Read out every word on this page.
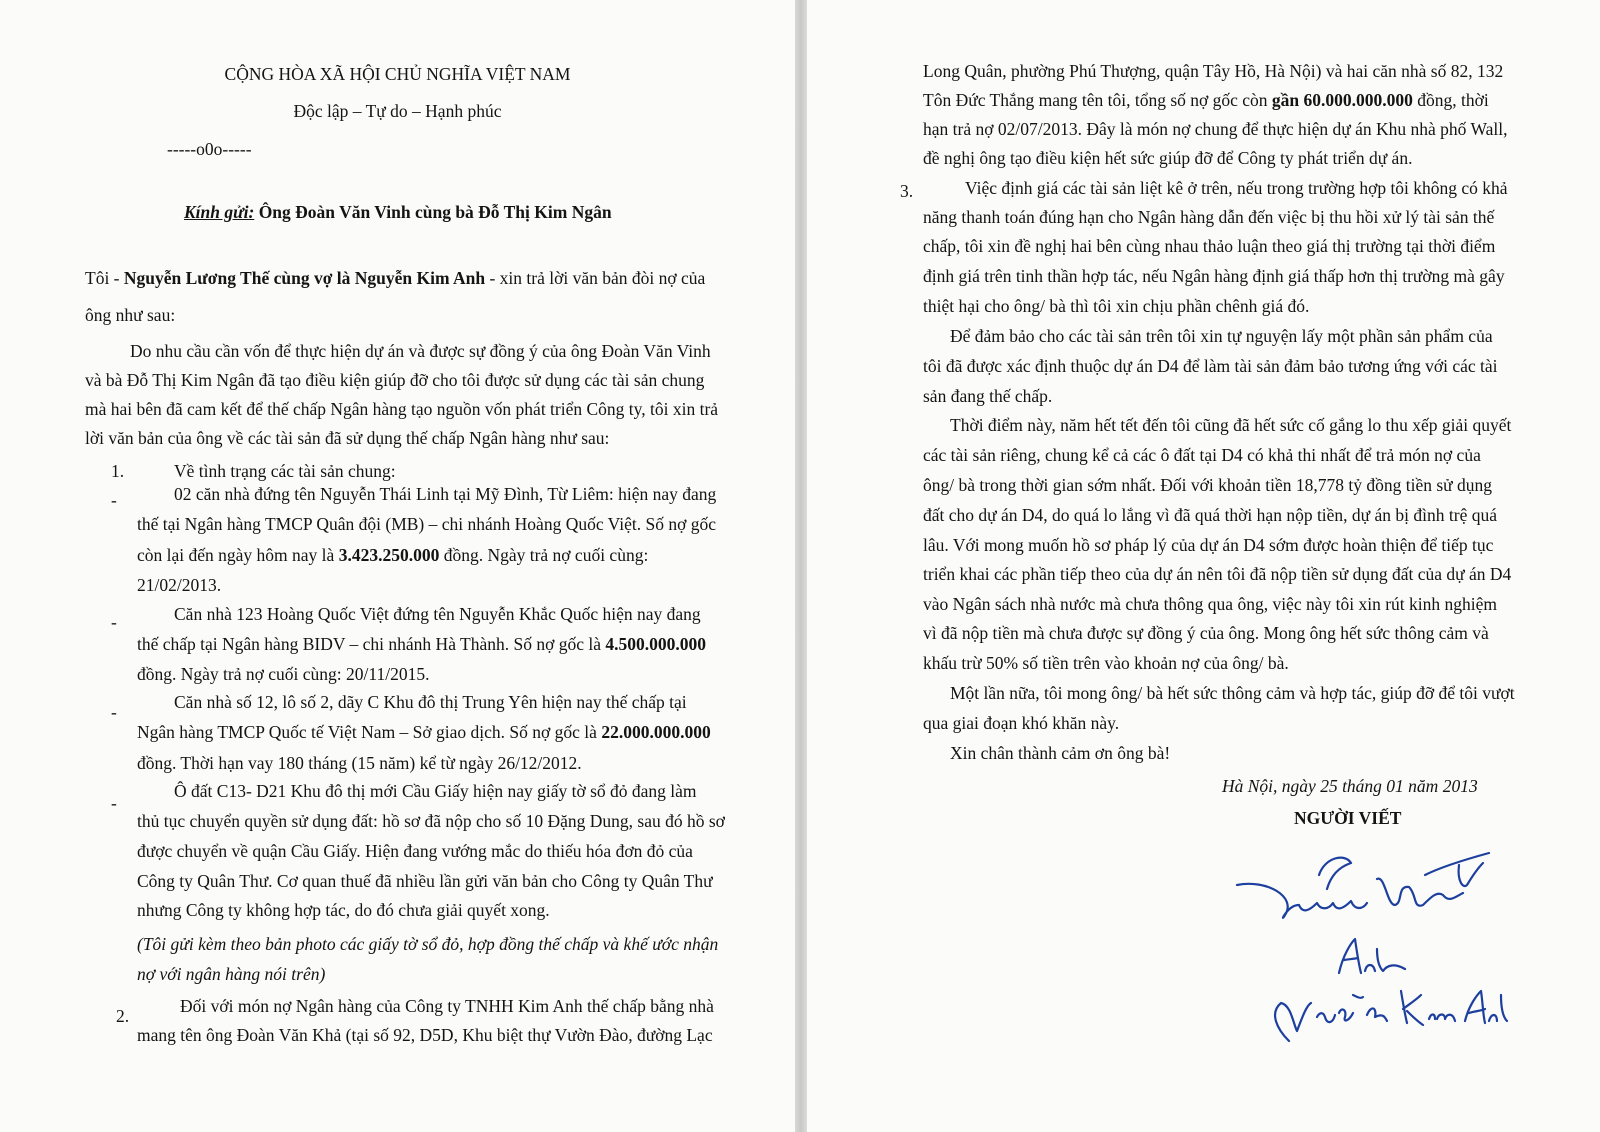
CỘNG HÒA XÃ HỘI CHỦ NGHĨA VIỆT NAM
Độc lập – Tự do – Hạnh phúc
-----o0o-----
Kính gửi: Ông Đoàn Văn Vinh cùng bà Đỗ Thị Kim Ngân
Tôi - Nguyễn Lương Thế cùng vợ là Nguyễn Kim Anh - xin trả lời văn bản đòi nợ của
ông như sau:
Do nhu cầu cần vốn để thực hiện dự án và được sự đồng ý của ông Đoàn Văn Vinh
và bà Đỗ Thị Kim Ngân đã tạo điều kiện giúp đỡ cho tôi được sử dụng các tài sản chung
mà hai bên đã cam kết để thế chấp Ngân hàng tạo nguồn vốn phát triển Công ty, tôi xin trả
lời văn bản của ông về các tài sản đã sử dụng thế chấp Ngân hàng như sau:
1.	Về tình trạng các tài sản chung:
-	02 căn nhà đứng tên Nguyễn Thái Linh tại Mỹ Đình, Từ Liêm: hiện nay đang
thế tại Ngân hàng TMCP Quân đội (MB) – chi nhánh Hoàng Quốc Việt. Số nợ gốc
còn lại đến ngày hôm nay là 3.423.250.000 đồng. Ngày trả nợ cuối cùng:
21/02/2013.
-	Căn nhà 123 Hoàng Quốc Việt đứng tên Nguyễn Khắc Quốc hiện nay đang
thế chấp tại Ngân hàng BIDV – chi nhánh Hà Thành. Số nợ gốc là 4.500.000.000
đồng. Ngày trả nợ cuối cùng: 20/11/2015.
-	Căn nhà số 12, lô số 2, dãy C Khu đô thị Trung Yên hiện nay thế chấp tại
Ngân hàng TMCP Quốc tế Việt Nam – Sở giao dịch. Số nợ gốc là 22.000.000.000
đồng. Thời hạn vay 180 tháng (15 năm) kể từ ngày 26/12/2012.
-
Ô đất C13- D21 Khu đô thị mới Cầu Giấy hiện nay giấy tờ sổ đỏ đang làm
thủ tục chuyển quyền sử dụng đất: hồ sơ đã nộp cho số 10 Đặng Dung, sau đó hồ sơ
được chuyển về quận Cầu Giấy. Hiện đang vướng mắc do thiếu hóa đơn đỏ của
Công ty Quân Thư. Cơ quan thuế đã nhiều lần gửi văn bản cho Công ty Quân Thư
nhưng Công ty không hợp tác, do đó chưa giải quyết xong.
(Tôi gửi kèm theo bản photo các giấy tờ sổ đỏ, hợp đồng thế chấp và khế ước nhận
nợ với ngân hàng nói trên)
2.	Đối với món nợ Ngân hàng của Công ty TNHH Kim Anh thế chấp bằng nhà
mang tên ông Đoàn Văn Khả (tại số 92, D5D, Khu biệt thự Vườn Đào, đường Lạc
Long Quân, phường Phú Thượng, quận Tây Hồ, Hà Nội) và hai căn nhà số 82, 132
Tôn Đức Thắng mang tên tôi, tổng số nợ gốc còn gần 60.000.000.000 đồng, thời
hạn trả nợ 02/07/2013. Đây là món nợ chung để thực hiện dự án Khu nhà phố Wall,
đề nghị ông tạo điều kiện hết sức giúp đỡ để Công ty phát triển dự án.
3.	Việc định giá các tài sản liệt kê ở trên, nếu trong trường hợp tôi không có khả
năng thanh toán đúng hạn cho Ngân hàng dẫn đến việc bị thu hồi xử lý tài sản thế
chấp, tôi xin đề nghị hai bên cùng nhau thảo luận theo giá thị trường tại thời điểm
định giá trên tinh thần hợp tác, nếu Ngân hàng định giá thấp hơn thị trường mà gây
thiệt hại cho ông/ bà thì tôi xin chịu phần chênh giá đó.
Để đảm bảo cho các tài sản trên tôi xin tự nguyện lấy một phần sản phẩm của
tôi đã được xác định thuộc dự án D4 để làm tài sản đảm bảo tương ứng với các tài
sản đang thế chấp.
Thời điểm này, năm hết tết đến tôi cũng đã hết sức cố gắng lo thu xếp giải quyết
các tài sản riêng, chung kể cả các ô đất tại D4 có khả thi nhất để trả món nợ của
ông/ bà trong thời gian sớm nhất. Đối với khoản tiền 18,778 tỷ đồng tiền sử dụng
đất cho dự án D4, do quá lo lắng vì đã quá thời hạn nộp tiền, dự án bị đình trệ quá
lâu. Với mong muốn hồ sơ pháp lý của dự án D4 sớm được hoàn thiện để tiếp tục
triển khai các phần tiếp theo của dự án nên tôi đã nộp tiền sử dụng đất của dự án D4
vào Ngân sách nhà nước mà chưa thông qua ông, việc này tôi xin rút kinh nghiệm
vì đã nộp tiền mà chưa được sự đồng ý của ông. Mong ông hết sức thông cảm và
khấu trừ 50% số tiền trên vào khoản nợ của ông/ bà.
Một lần nữa, tôi mong ông/ bà hết sức thông cảm và hợp tác, giúp đỡ để tôi vượt
qua giai đoạn khó khăn này.
Xin chân thành cảm ơn ông bà!
Hà Nội, ngày 25 tháng 01 năm 2013
NGƯỜI VIẾT
